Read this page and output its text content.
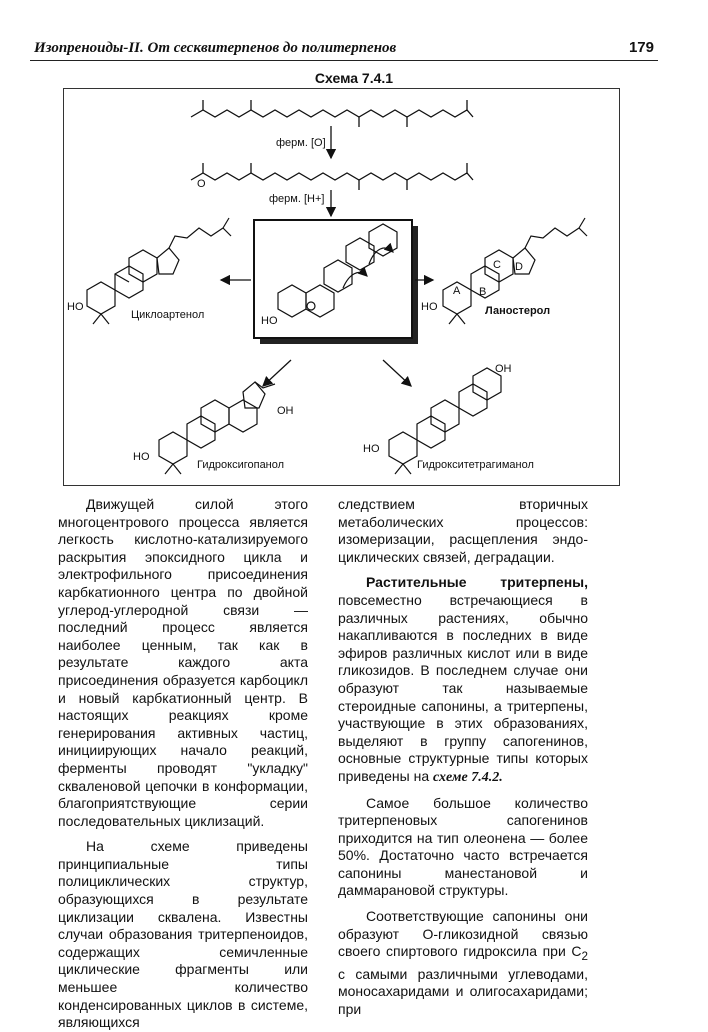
Изопреноиды-II. От сесквитерпенов до политерпенов	179
Схема 7.4.1
ферм. [O]
ферм. [H+]
O
Циклоартенол
HO
HO
HO	Ланостерол
A B
C D
HO
OH
Гидроксигопанол
HO
OH
Гидрокситетрагиманол

Движущей силой этого многоцентрового процесса является легкость кислотно-катализируемого раскрытия эпоксидного цикла и электрофильного присоединения карбкатионного центра по двойной углерод-углеродной связи — последний процесс является наиболее ценным, так как в результате каждого акта присоединения образуется карбоцикл и новый карбкатионный центр. В настоящих реакциях кроме генерирования активных частиц, инициирующих начало реакций, ферменты проводят "укладку" скваленовой цепочки в конформации, благоприятствующие серии последовательных циклизаций.

На схеме приведены принципиальные типы полициклических структур, образующихся в результате циклизации сквалена. Известны случаи образования тритерпеноидов, содержащих семичленные циклические фрагменты или меньшее количество конденсированных циклов в системе, являющихся

следствием вторичных метаболических процессов: изомеризации, расщепления эндо-циклических связей, деградации.

Растительные тритерпены, повсеместно встречающиеся в различных растениях, обычно накапливаются в последних в виде эфиров различных кислот или в виде гликозидов. В последнем случае они образуют так называемые стероидные сапонины, а тритерпены, участвующие в этих образованиях, выделяют в группу сапогенинов, основные структурные типы которых приведены на схеме 7.4.2.

Самое большое количество тритерпеновых сапогенинов приходится на тип олеонена — более 50%. Достаточно часто встречается сапонины манестановой и даммарановой структуры.

Соответствующие сапонины они образуют О-гликозидной связью своего спиртового гидроксила при $С_2$ с самыми различными углеводами, моносахаридами и олигосахаридами; при
